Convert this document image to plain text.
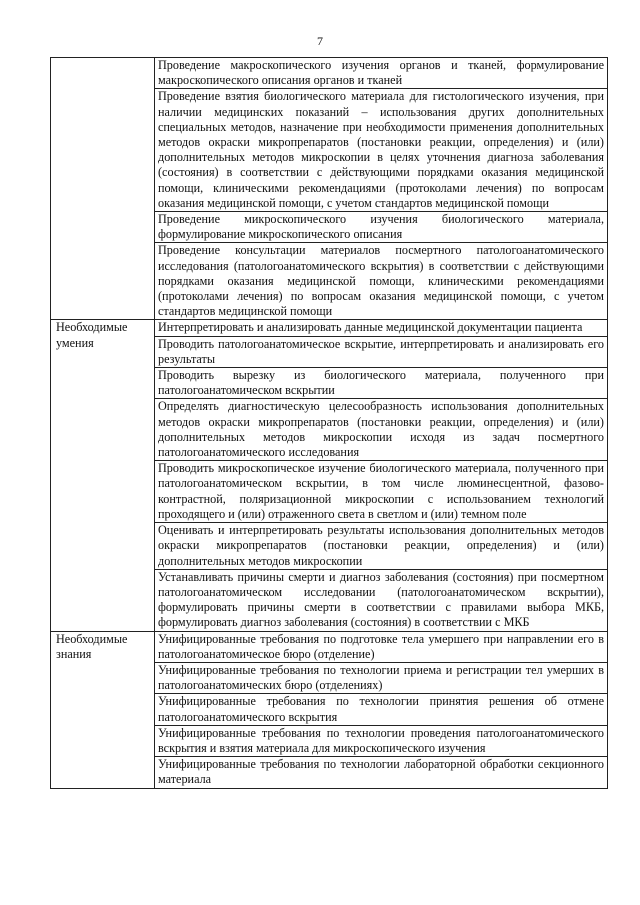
7
	Проведение макроскопического изучения органов и тканей, формулирование макроскопического описания органов и тканей
	Проведение взятия биологического материала для гистологического изучения, при наличии медицинских показаний – использования других дополнительных специальных методов, назначение при необходимости применения дополнительных методов окраски микропрепаратов (постановки реакции, определения) и (или) дополнительных методов микроскопии в целях уточнения диагноза заболевания (состояния) в соответствии с действующими порядками оказания медицинской помощи, клиническими рекомендациями (протоколами лечения) по вопросам оказания медицинской помощи, с учетом стандартов медицинской помощи
	Проведение микроскопического изучения биологического материала, формулирование микроскопического описания
	Проведение консультации материалов посмертного патологоанатомического исследования (патологоанатомического вскрытия) в соответствии с действующими порядками оказания медицинской помощи, клиническими рекомендациями (протоколами лечения) по вопросам оказания медицинской помощи, с учетом стандартов медицинской помощи
Необходимые умения	Интерпретировать и анализировать данные медицинской документации пациента
	Проводить патологоанатомическое вскрытие, интерпретировать и анализировать его результаты
	Проводить вырезку из биологического материала, полученного при патологоанатомическом вскрытии
	Определять диагностическую целесообразность использования дополнительных методов окраски микропрепаратов (постановки реакции, определения) и (или) дополнительных методов микроскопии исходя из задач посмертного патологоанатомического исследования
	Проводить микроскопическое изучение биологического материала, полученного при патологоанатомическом вскрытии, в том числе люминесцентной, фазово-контрастной, поляризационной микроскопии с использованием технологий проходящего и (или) отраженного света в светлом и (или) темном поле
	Оценивать и интерпретировать результаты использования дополнительных методов окраски микропрепаратов (постановки реакции, определения) и (или) дополнительных методов микроскопии
	Устанавливать причины смерти и диагноз заболевания (состояния) при посмертном патологоанатомическом исследовании (патологоанатомическом вскрытии), формулировать причины смерти в соответствии с правилами выбора МКБ, формулировать диагноз заболевания (состояния) в соответствии с МКБ
Необходимые знания	Унифицированные требования по подготовке тела умершего при направлении его в патологоанатомическое бюро (отделение)
	Унифицированные требования по технологии приема и регистрации тел умерших в патологоанатомических бюро (отделениях)
	Унифицированные требования по технологии принятия решения об отмене патологоанатомического вскрытия
	Унифицированные требования по технологии проведения патологоанатомического вскрытия и взятия материала для микроскопического изучения
	Унифицированные требования по технологии лабораторной обработки секционного материала
